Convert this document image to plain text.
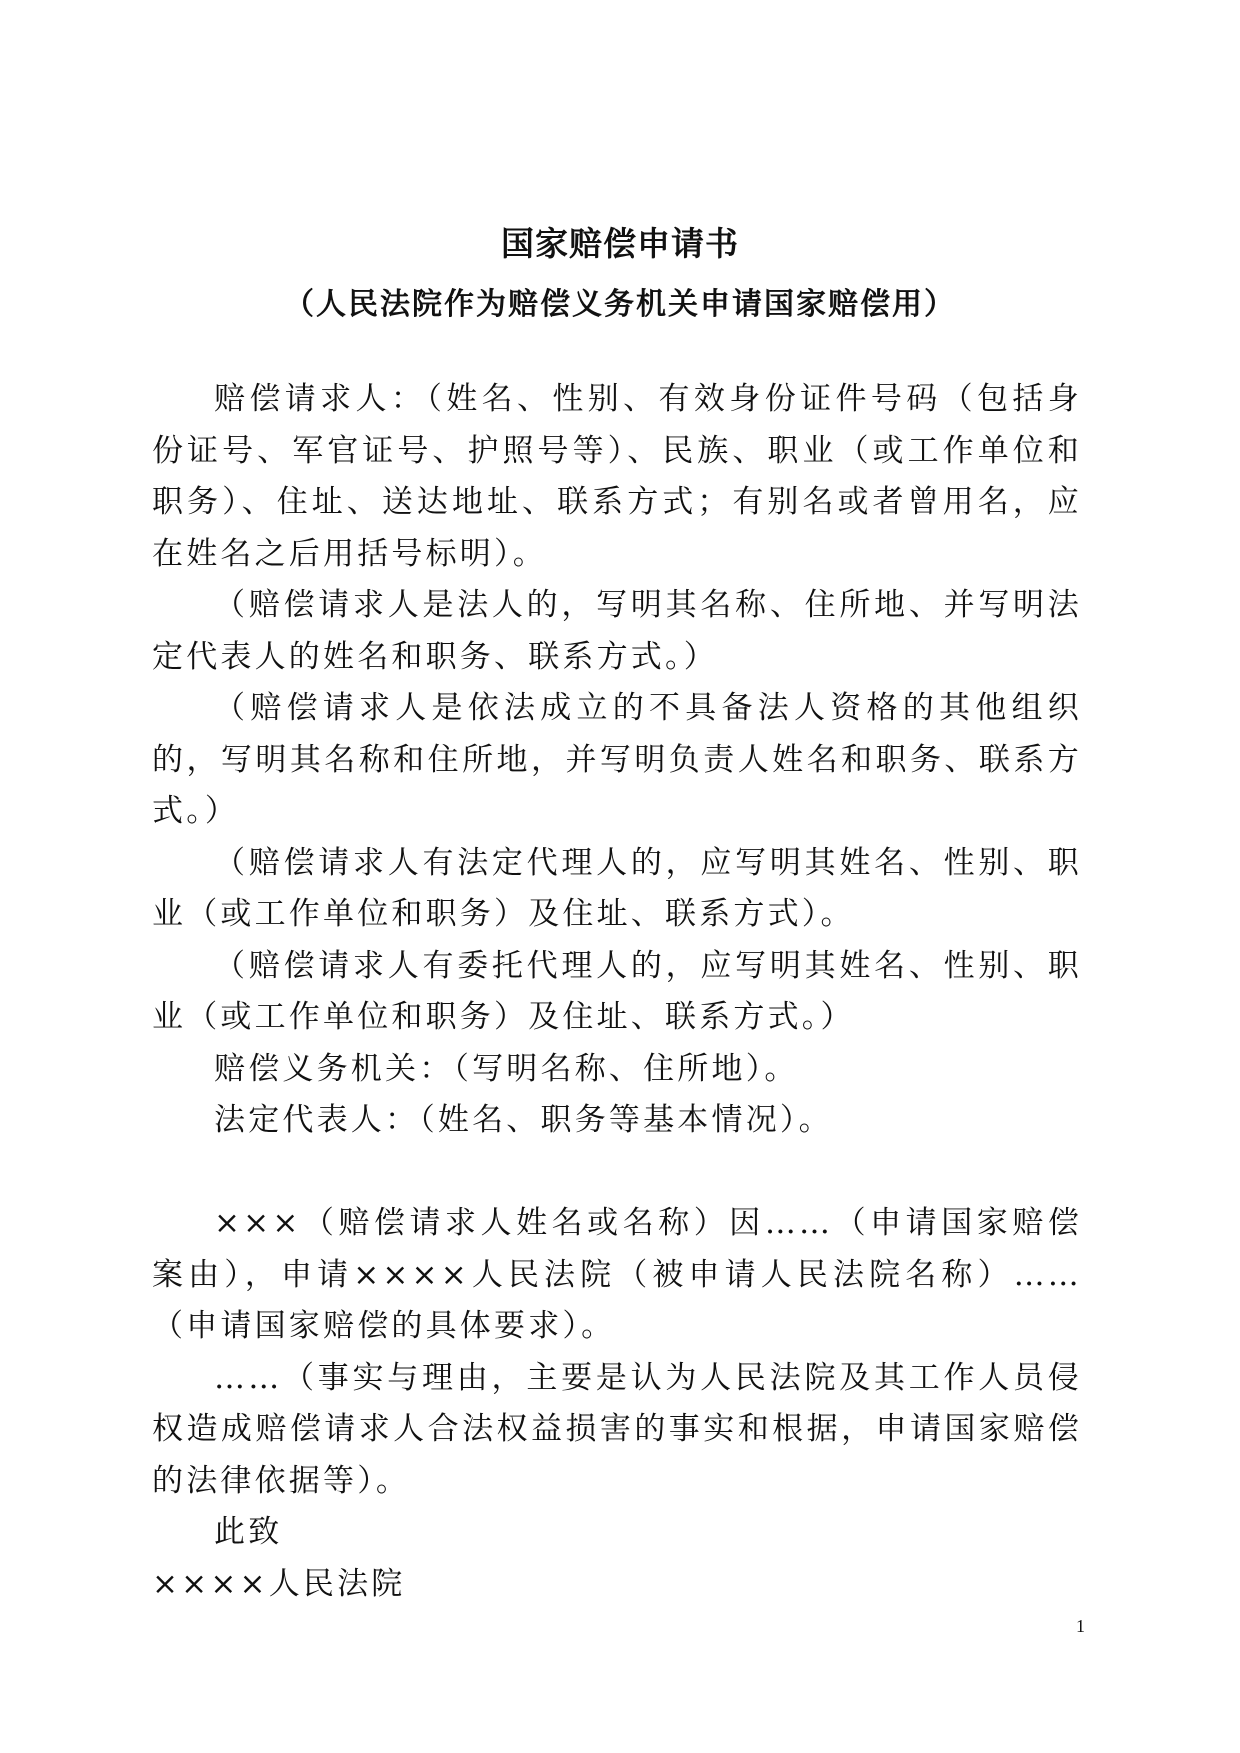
国家赔偿申请书
（人民法院作为赔偿义务机关申请国家赔偿用）

赔偿请求人：（姓名、性别、有效身份证件号码（包括身份证号、军官证号、护照号等）、民族、职业（或工作单位和职务）、住址、送达地址、联系方式；有别名或者曾用名，应在姓名之后用括号标明）。

（赔偿请求人是法人的，写明其名称、住所地、并写明法定代表人的姓名和职务、联系方式。）

（赔偿请求人是依法成立的不具备法人资格的其他组织的，写明其名称和住所地，并写明负责人姓名和职务、联系方式。）

（赔偿请求人有法定代理人的，应写明其姓名、性别、职业（或工作单位和职务）及住址、联系方式）。

（赔偿请求人有委托代理人的，应写明其姓名、性别、职业（或工作单位和职务）及住址、联系方式。）

赔偿义务机关：（写明名称、住所地）。

法定代表人：（姓名、职务等基本情况）。

×××（赔偿请求人姓名或名称）因……（申请国家赔偿案由），申请××××人民法院（被申请人民法院名称）……（申请国家赔偿的具体要求）。

……（事实与理由，主要是认为人民法院及其工作人员侵权造成赔偿请求人合法权益损害的事实和根据，申请国家赔偿的法律依据等）。

此致

××××人民法院

1
